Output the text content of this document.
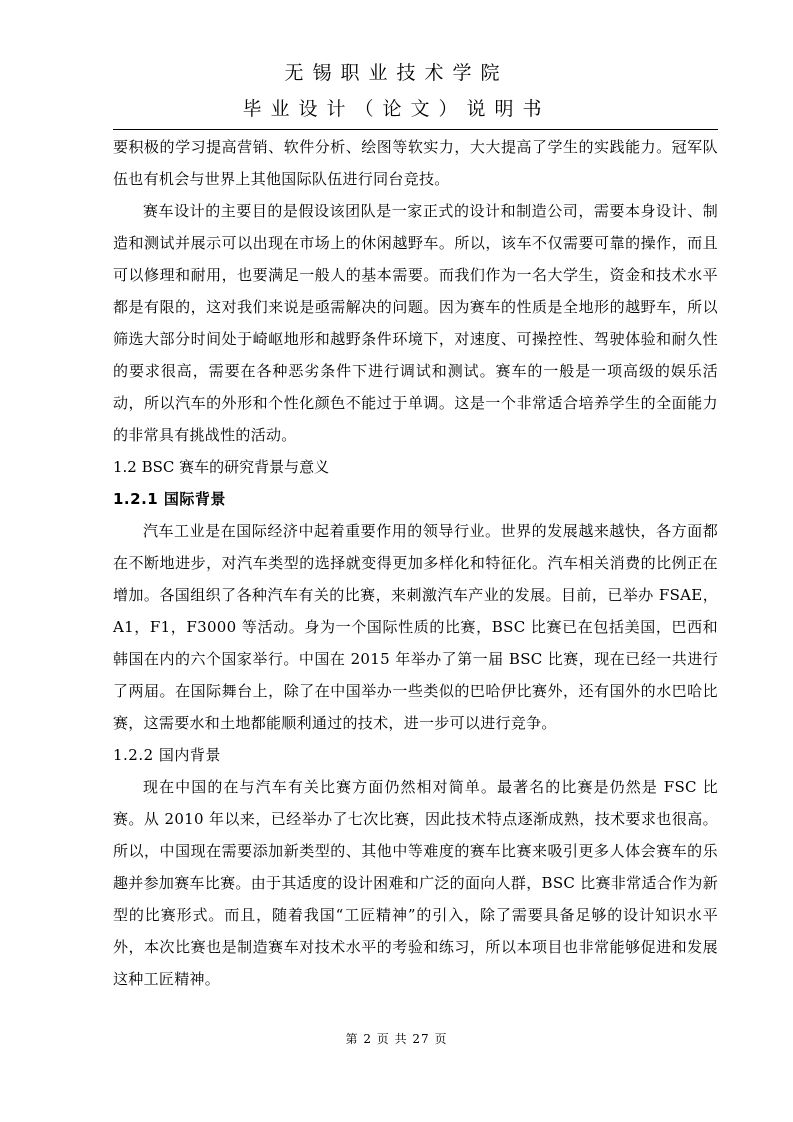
无锡职业技术学院
毕业设计（论文）说明书

要积极的学习提高营销、软件分析、绘图等软实力，大大提高了学生的实践能力。冠军队伍也有机会与世界上其他国际队伍进行同台竞技。

赛车设计的主要目的是假设该团队是一家正式的设计和制造公司，需要本身设计、制造和测试并展示可以出现在市场上的休闲越野车。所以，该车不仅需要可靠的操作，而且可以修理和耐用，也要满足一般人的基本需要。而我们作为一名大学生，资金和技术水平都是有限的，这对我们来说是亟需解决的问题。因为赛车的性质是全地形的越野车，所以筛选大部分时间处于崎岖地形和越野条件环境下，对速度、可操控性、驾驶体验和耐久性的要求很高，需要在各种恶劣条件下进行调试和测试。赛车的一般是一项高级的娱乐活动，所以汽车的外形和个性化颜色不能过于单调。这是一个非常适合培养学生的全面能力的非常具有挑战性的活动。

1.2 BSC 赛车的研究背景与意义

1.2.1 国际背景

汽车工业是在国际经济中起着重要作用的领导行业。世界的发展越来越快，各方面都在不断地进步，对汽车类型的选择就变得更加多样化和特征化。汽车相关消费的比例正在增加。各国组织了各种汽车有关的比赛，来刺激汽车产业的发展。目前，已举办 FSAE，A1，F1，F3000 等活动。身为一个国际性质的比赛，BSC 比赛已在包括美国，巴西和韩国在内的六个国家举行。中国在 2015 年举办了第一届 BSC 比赛，现在已经一共进行了两届。在国际舞台上，除了在中国举办一些类似的巴哈伊比赛外，还有国外的水巴哈比赛，这需要水和土地都能顺利通过的技术，进一步可以进行竞争。

1.2.2 国内背景

现在中国的在与汽车有关比赛方面仍然相对简单。最著名的比赛是仍然是 FSC 比赛。从 2010 年以来，已经举办了七次比赛，因此技术特点逐渐成熟，技术要求也很高。所以，中国现在需要添加新类型的、其他中等难度的赛车比赛来吸引更多人体会赛车的乐趣并参加赛车比赛。由于其适度的设计困难和广泛的面向人群，BSC 比赛非常适合作为新型的比赛形式。而且，随着我国“工匠精神”的引入，除了需要具备足够的设计知识水平外，本次比赛也是制造赛车对技术水平的考验和练习，所以本项目也非常能够促进和发展这种工匠精神。

第 2 页 共 27 页
